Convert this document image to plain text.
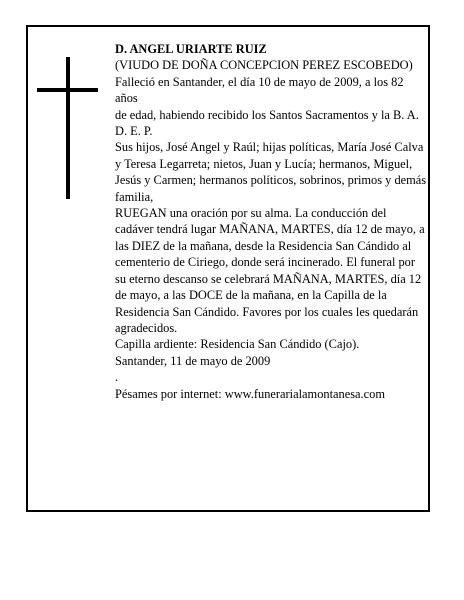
D. ANGEL URIARTE RUIZ
(VIUDO DE DOÑA CONCEPCION PEREZ ESCOBEDO)
Falleció en Santander, el día 10 de mayo de 2009, a los 82 años
de edad, habiendo recibido los Santos Sacramentos y la B. A.
D. E. P.
Sus hijos, José Angel y Raúl; hijas políticas, María José Calva y Teresa Legarreta; nietos, Juan y Lucía; hermanos, Miguel, Jesús y Carmen; hermanos políticos, sobrinos, primos y demás familia,
RUEGAN una oración por su alma. La conducción del cadáver tendrá lugar MAÑANA, MARTES, día 12 de mayo, a las DIEZ de la mañana, desde la Residencia San Cándido al cementerio de Ciriego, donde será incinerado. El funeral por su eterno descanso se celebrará MAÑANA, MARTES, día 12 de mayo, a las DOCE de la mañana, en la Capilla de la Residencia San Cándido. Favores por los cuales les quedarán agradecidos.
Capilla ardiente: Residencia San Cándido (Cajo).
Santander, 11 de mayo de 2009
.
Pésames por internet: www.funerarialamontanesa.com
